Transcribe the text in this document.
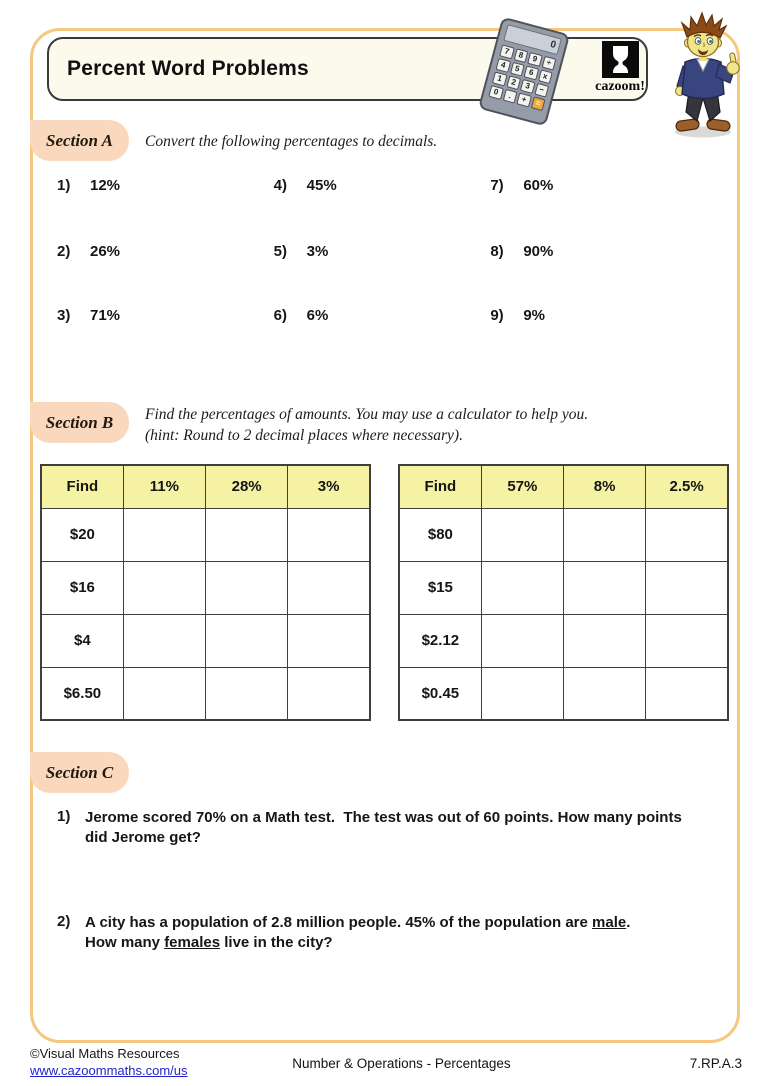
Percent Word Problems
0
7 8 9 ÷
4 5 6 x
1 2 3 −
0	.	+ =
cazoom!
Section A	Convert the following percentages to decimals.
1)	12%	4)	45%	7)	60%
2)	26%	5)	3%	8)	90%
3)	71%	6)	6%	9)	9%
Section B	Find the percentages of amounts. You may use a calculator to help you.
(hint: Round to 2 decimal places where necessary).
Find	11%	28%	3%
$20			
$16			
$4			
$6.50			
Find	57%	8%	2.5%
$80			
$15			
$2.12			
$0.45			
Section C
1) Jerome scored 70% on a Math test.  The test was out of 60 points. How many points
did Jerome get?
2) A city has a population of 2.8 million people. 45% of the population are male.
How many females live in the city?
©Visual Maths Resources
www.cazoommaths.com/us	Number & Operations - Percentages	7.RP.A.3
